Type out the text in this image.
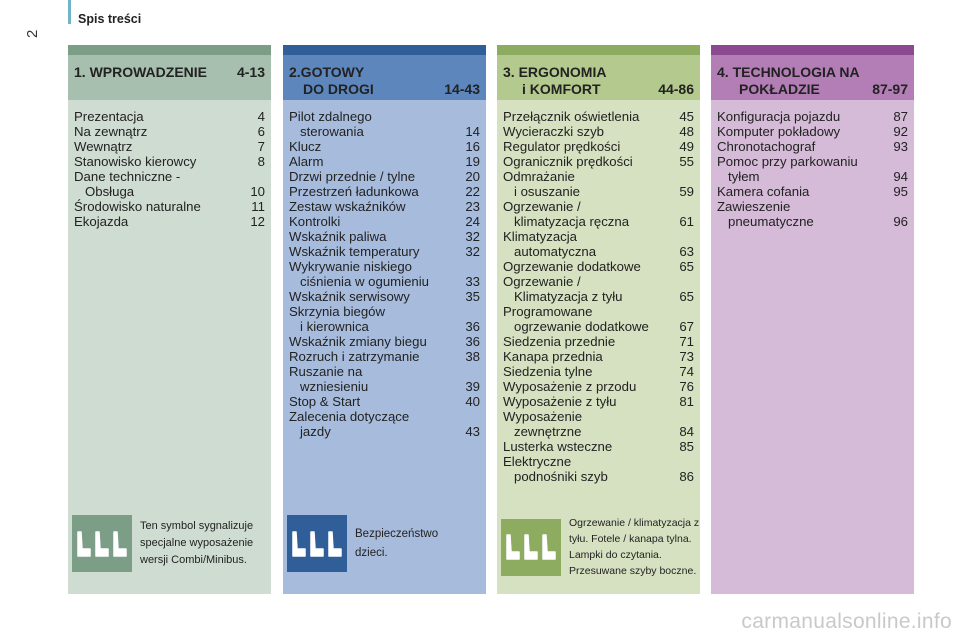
2
Spis treści
1. WPROWADZENIE 4-13
Prezentacja	4
Na zewnątrz	6
Wewnątrz	7
Stanowisko kierowcy	8
Dane techniczne -
Obsługa	10
Środowisko naturalne	11
Ekojazda	12
Ten symbol sygnalizuje specjalne wyposażenie wersji Combi/Minibus.
2.GOTOWY
DO DROGI	14-43
Pilot zdalnego
sterowania	14
Klucz	16
Alarm	19
Drzwi przednie / tylne	20
Przestrzeń ładunkowa	22
Zestaw wskaźników	23
Kontrolki	24
Wskaźnik paliwa	32
Wskaźnik temperatury	32
Wykrywanie niskiego
ciśnienia w ogumieniu	33
Wskaźnik serwisowy	35
Skrzynia biegów
i kierownica	36
Wskaźnik zmiany biegu	36
Rozruch i zatrzymanie	38
Ruszanie na
wzniesieniu	39
Stop & Start	40
Zalecenia dotyczące
jazdy	43
Bezpieczeństwo dzieci.
3. ERGONOMIA
i KOMFORT	44-86
Przełącznik oświetlenia	45
Wycieraczki szyb	48
Regulator prędkości	49
Ogranicznik prędkości	55
Odmrażanie
i osuszanie	59
Ogrzewanie /
klimatyzacja ręczna	61
Klimatyzacja
automatyczna	63
Ogrzewanie dodatkowe	65
Ogrzewanie /
Klimatyzacja z tyłu	65
Programowane
ogrzewanie dodatkowe	67
Siedzenia przednie	71
Kanapa przednia	73
Siedzenia tylne	74
Wyposażenie z przodu	76
Wyposażenie z tyłu	81
Wyposażenie
zewnętrzne	84
Lusterka wsteczne	85
Elektryczne
podnośniki szyb	86
Ogrzewanie / klimatyzacja z tyłu. Fotele / kanapa tylna. Lampki do czytania. Przesuwane szyby boczne.
4. TECHNOLOGIA NA
POKŁADZIE	87-97
Konfiguracja pojazdu	87
Komputer pokładowy	92
Chronotachograf	93
Pomoc przy parkowaniu
tyłem	94
Kamera cofania	95
Zawieszenie
pneumatyczne	96
carmanualsonline.info
